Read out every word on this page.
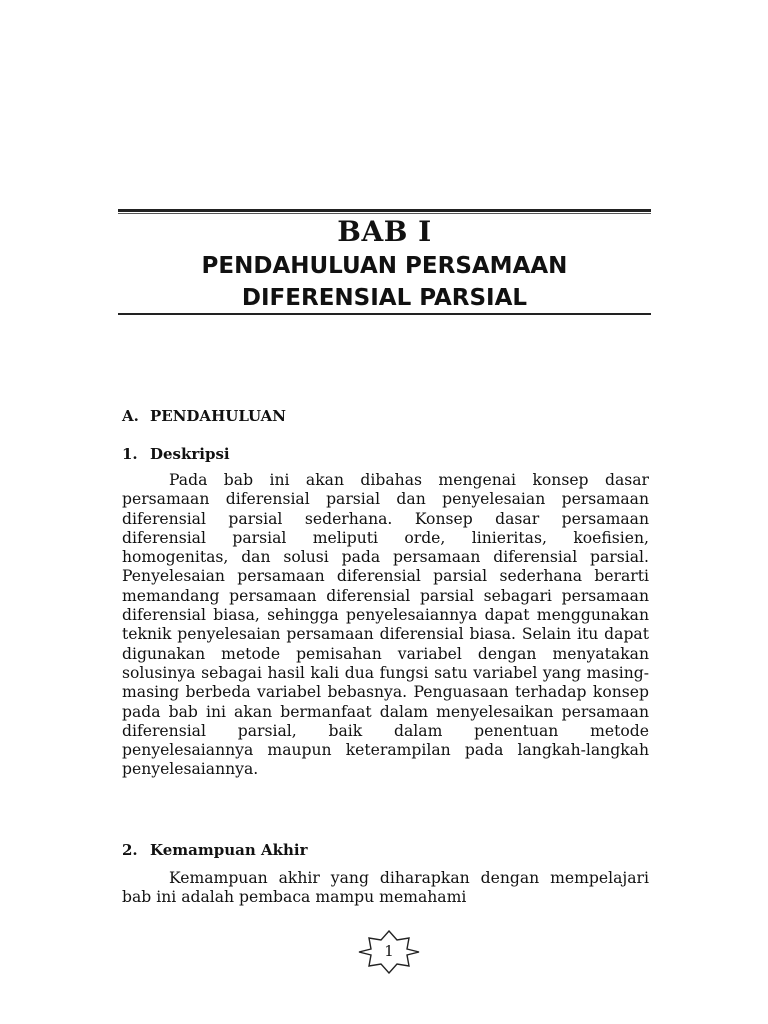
BAB I
PENDAHULUAN PERSAMAAN
DIFERENSIAL PARSIAL
A. PENDAHULUAN
1. Deskripsi

Pada bab ini akan dibahas mengenai konsep dasar persamaan diferensial parsial dan penyelesaian persamaan diferensial parsial sederhana. Konsep dasar persamaan diferensial parsial meliputi orde, linieritas, koefisien, homogenitas, dan solusi pada persamaan diferensial parsial. Penyelesaian persamaan diferensial parsial sederhana berarti memandang persamaan diferensial parsial sebagari persamaan diferensial biasa, sehingga penyelesaiannya dapat menggunakan teknik penyelesaian persamaan diferensial biasa. Selain itu dapat digunakan metode pemisahan variabel dengan menyatakan solusinya sebagai hasil kali dua fungsi satu variabel yang masing-masing berbeda variabel bebasnya. Penguasaan terhadap konsep pada bab ini akan bermanfaat dalam menyelesaikan persamaan diferensial parsial, baik dalam penentuan metode penyelesaiannya maupun keterampilan pada langkah-langkah penyelesaiannya.

2. Kemampuan Akhir

Kemampuan akhir yang diharapkan dengan mempelajari bab ini adalah pembaca mampu memahami

1
